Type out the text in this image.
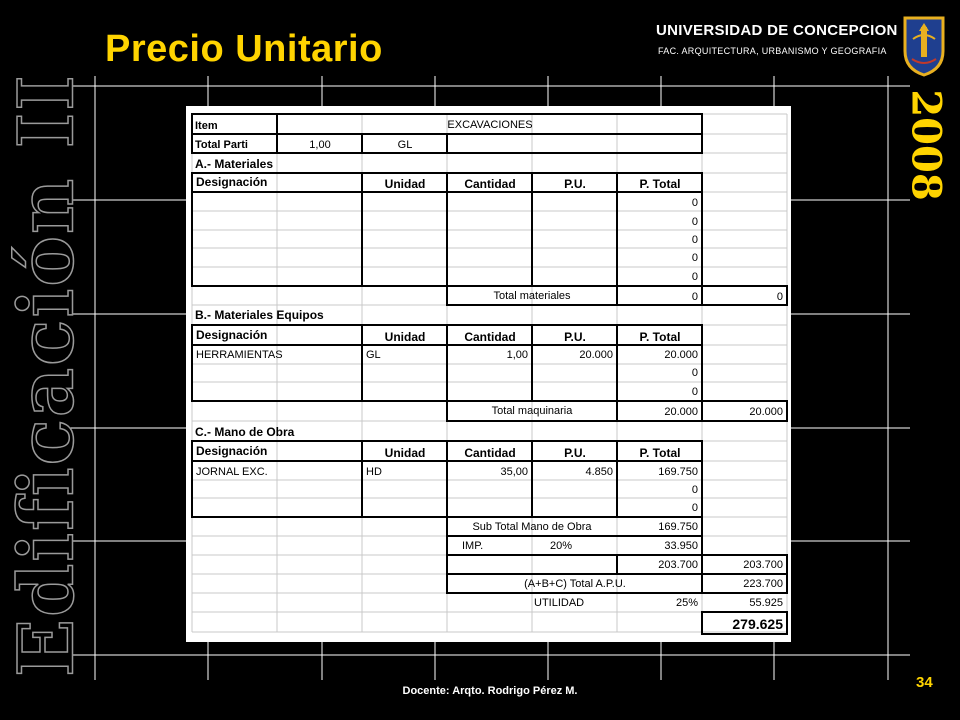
Edificación II
Precio Unitario	UNIVERSIDAD DE CONCEPCION
FAC. ARQUITECTURA, URBANISMO Y GEOGRAFIA
2008
Item	EXCAVACIONES
Total Parti	1,00	GL
A.- Materiales
Designación	Unidad	Cantidad	P.U.	P. Total
0
0
0
0
0
Total materiales	0	0
B.- Materiales Equipos
Designación	Unidad	Cantidad	P.U.	P. Total
HERRAMIENTAS	GL	1,00	20.000	20.000
0
0
Total maquinaria	20.000	20.000
C.- Mano de Obra
Designación	Unidad	Cantidad	P.U.	P. Total
JORNAL EXC.	HD	35,00	4.850	169.750
0
0
Sub Total Mano de Obra	169.750
IMP.	20%	33.950
203.700	203.700
(A+B+C) Total A.P.U.	223.700
UTILIDAD	25%	55.925
279.625
Docente: Arqto. Rodrigo Pérez M.	34
